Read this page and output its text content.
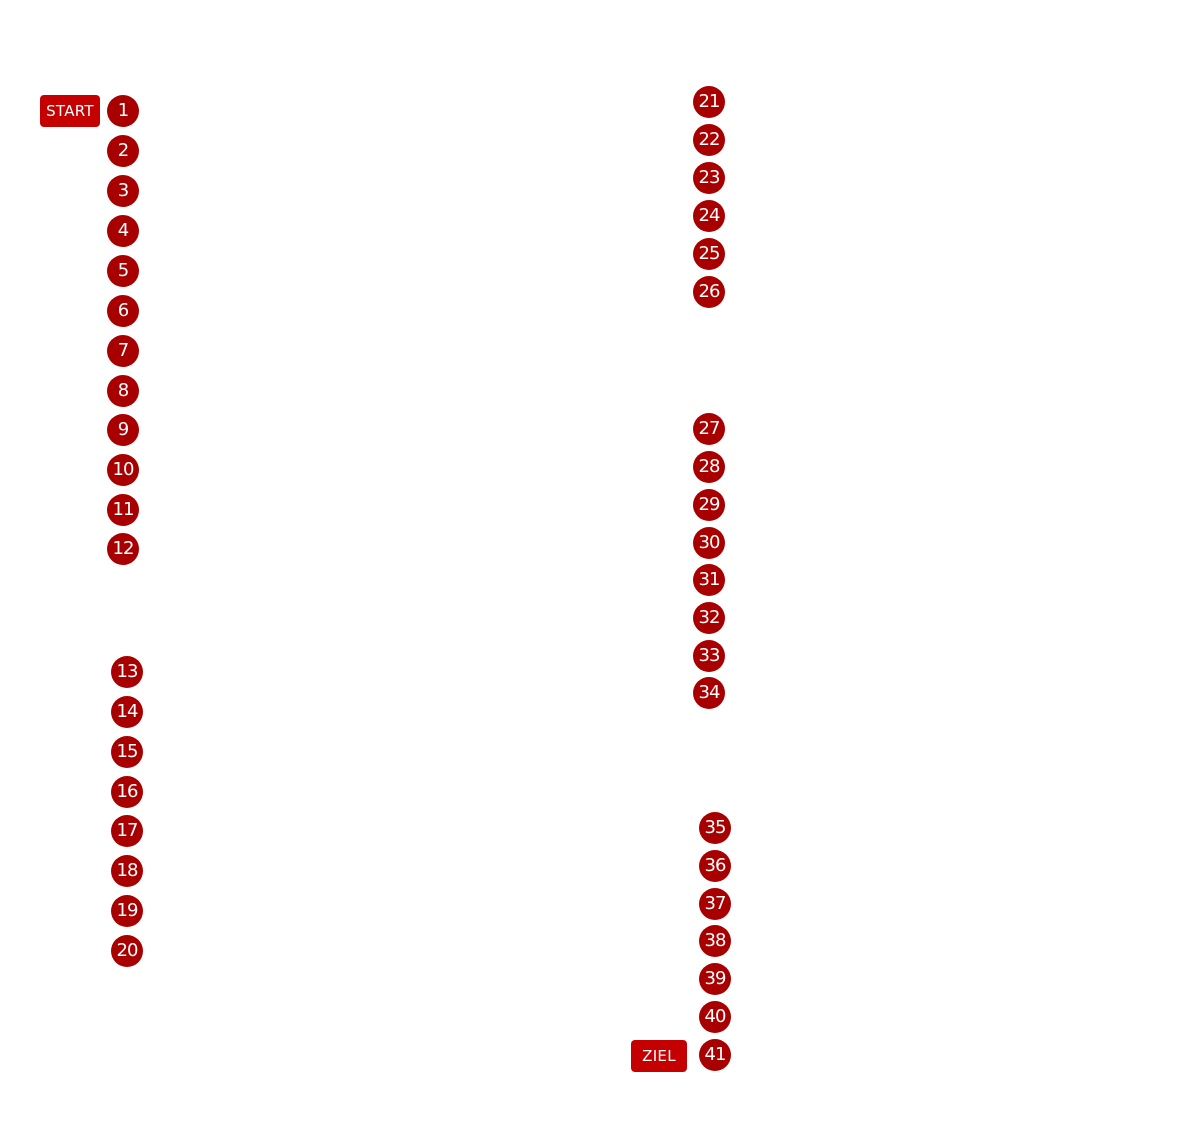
START
ZIEL
1
2
3
4
5
6
7
8
9
10
11
12
13
14
15
16
17
18
19
20
21
22
23
24
25
26
27
28
29
30
31
32
33
34
35
36
37
38
39
40
41
